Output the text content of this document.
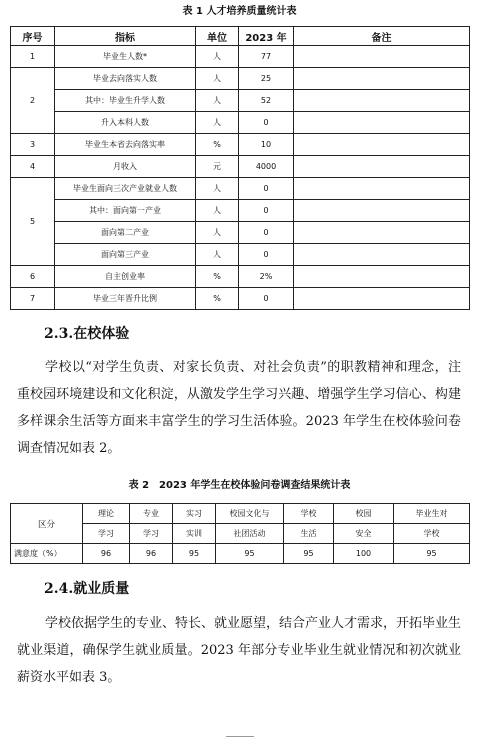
表 1 人才培养质量统计表
序号	指标	单位	2023 年	备注
1	毕业生人数*	人	77	
2	毕业去向落实人数	人	25	
	其中：毕业生升学人数	人	52	
	升入本科人数	人	0	
3	毕业生本省去向落实率	%	10	
4	月收入	元	4000	
5	毕业生面向三次产业就业人数	人	0	
	其中：面向第一产业	人	0	
	面向第二产业	人	0	
	面向第三产业	人	0	
6	自主创业率	%	2%	
7	毕业三年晋升比例	%	0	
2.3.在校体验
学校以“对学生负责、对家长负责、对社会负责”的职教精神和理念，注重校园环境建设和文化积淀，从激发学生学习兴趣、增强学生学习信心、构建多样课余生活等方面来丰富学生的学习生活体验。2023 年学生在校体验问卷调查情况如表 2。
表 2　2023 年学生在校体验问卷调查结果统计表
区分	理论	专业	实习	校园文化与	学校	校园	毕业生对
	学习	学习	实训	社团活动	生活	安全	学校
满意度（%）	96	96	95	95	95	100	95
2.4.就业质量
学校依据学生的专业、特长、就业愿望，结合产业人才需求，开拓毕业生就业渠道，确保学生就业质量。2023 年部分专业毕业生就业情况和初次就业薪资水平如表 3。
